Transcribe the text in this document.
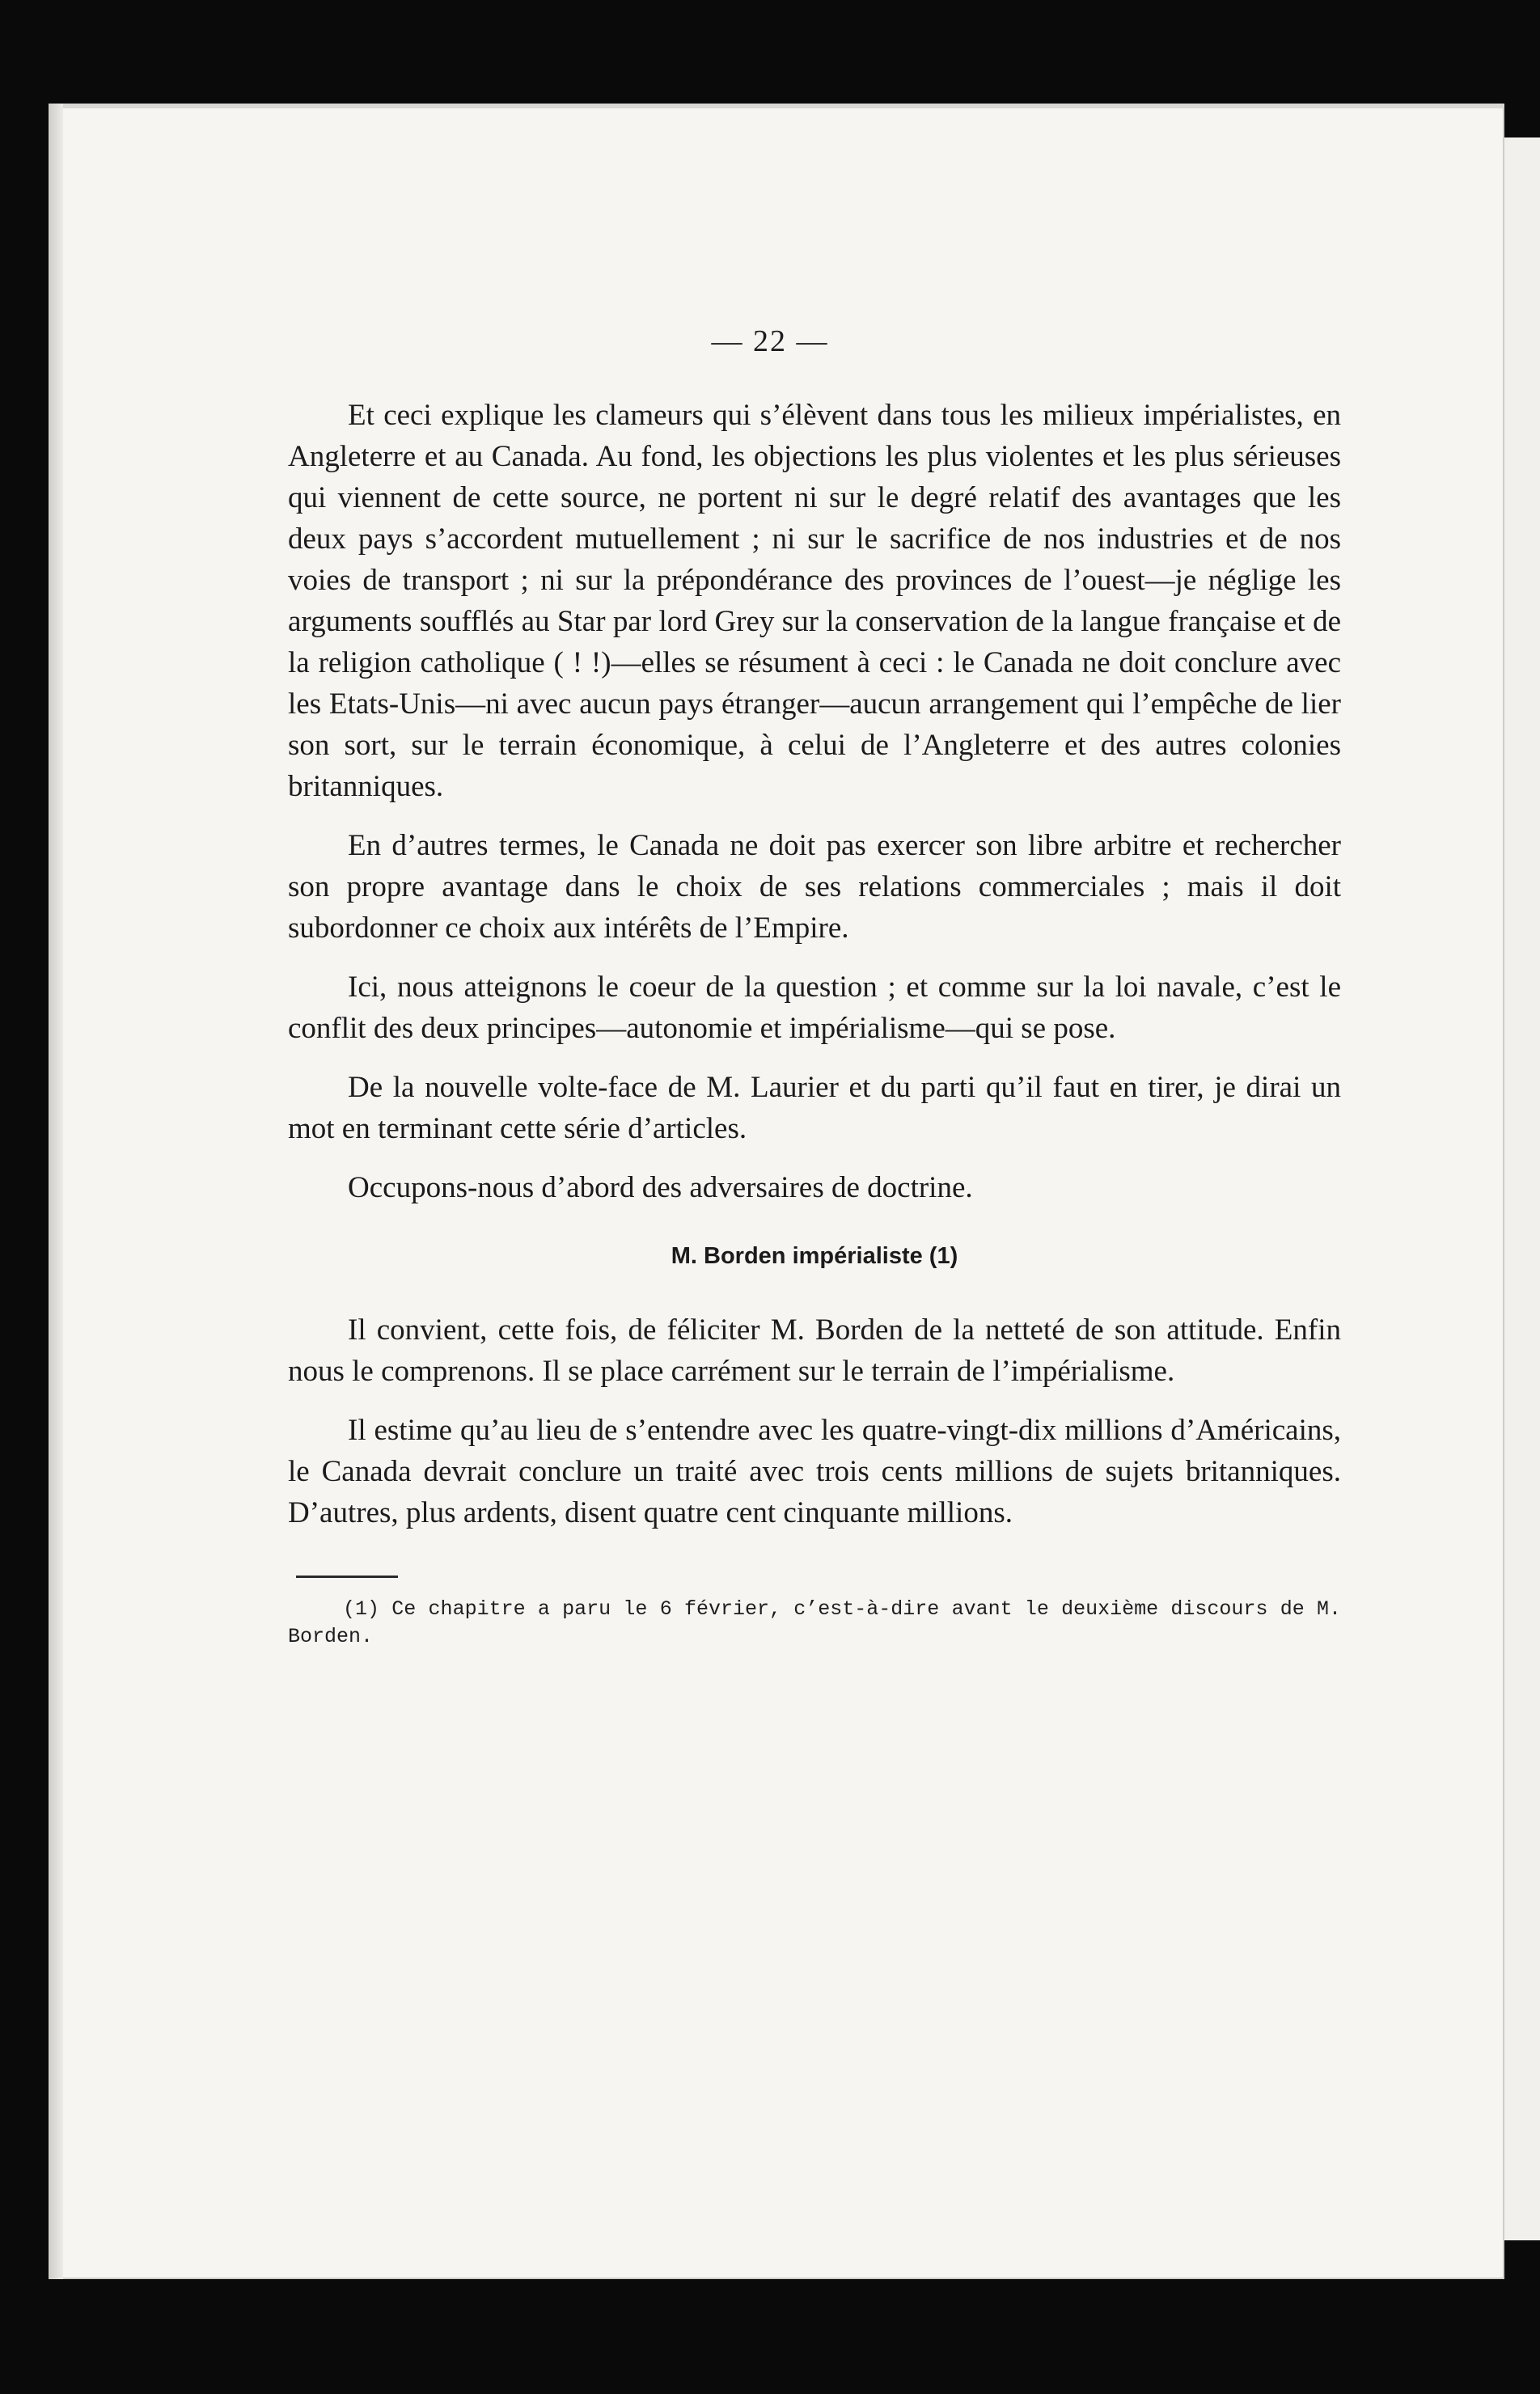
— 22 —

Et ceci explique les clameurs qui s’élèvent dans tous les milieux impérialistes, en Angleterre et au Canada. Au fond, les objections les plus violentes et les plus sérieuses qui viennent de cette source, ne portent ni sur le degré relatif des avantages que les deux pays s’accordent mutuellement ; ni sur le sacrifice de nos industries et de nos voies de transport ; ni sur la prépondérance des provinces de l’ouest—je néglige les arguments soufflés au Star par lord Grey sur la conservation de la langue française et de la religion catholique ( ! !)—elles se résument à ceci : le Canada ne doit conclure avec les Etats-Unis—ni avec aucun pays étranger—aucun arrangement qui l’empêche de lier son sort, sur le terrain économique, à celui de l’Angleterre et des autres colonies britanniques.

En d’autres termes, le Canada ne doit pas exercer son libre arbitre et rechercher son propre avantage dans le choix de ses relations commerciales ; mais il doit subordonner ce choix aux intérêts de l’Empire.

Ici, nous atteignons le coeur de la question ; et comme sur la loi navale, c’est le conflit des deux principes—autonomie et impérialisme—qui se pose.

De la nouvelle volte-face de M. Laurier et du parti qu’il faut en tirer, je dirai un mot en terminant cette série d’articles.

Occupons-nous d’abord des adversaires de doctrine.

M. Borden impérialiste (1)

Il convient, cette fois, de féliciter M. Borden de la netteté de son attitude. Enfin nous le comprenons. Il se place carrément sur le terrain de l’impérialisme.

Il estime qu’au lieu de s’entendre avec les quatre-vingt-dix millions d’Américains, le Canada devrait conclure un traité avec trois cents millions de sujets britanniques. D’autres, plus ardents, disent quatre cent cinquante millions.

(1) Ce chapitre a paru le 6 février, c’est-à-dire avant le deuxième discours de M. Borden.
